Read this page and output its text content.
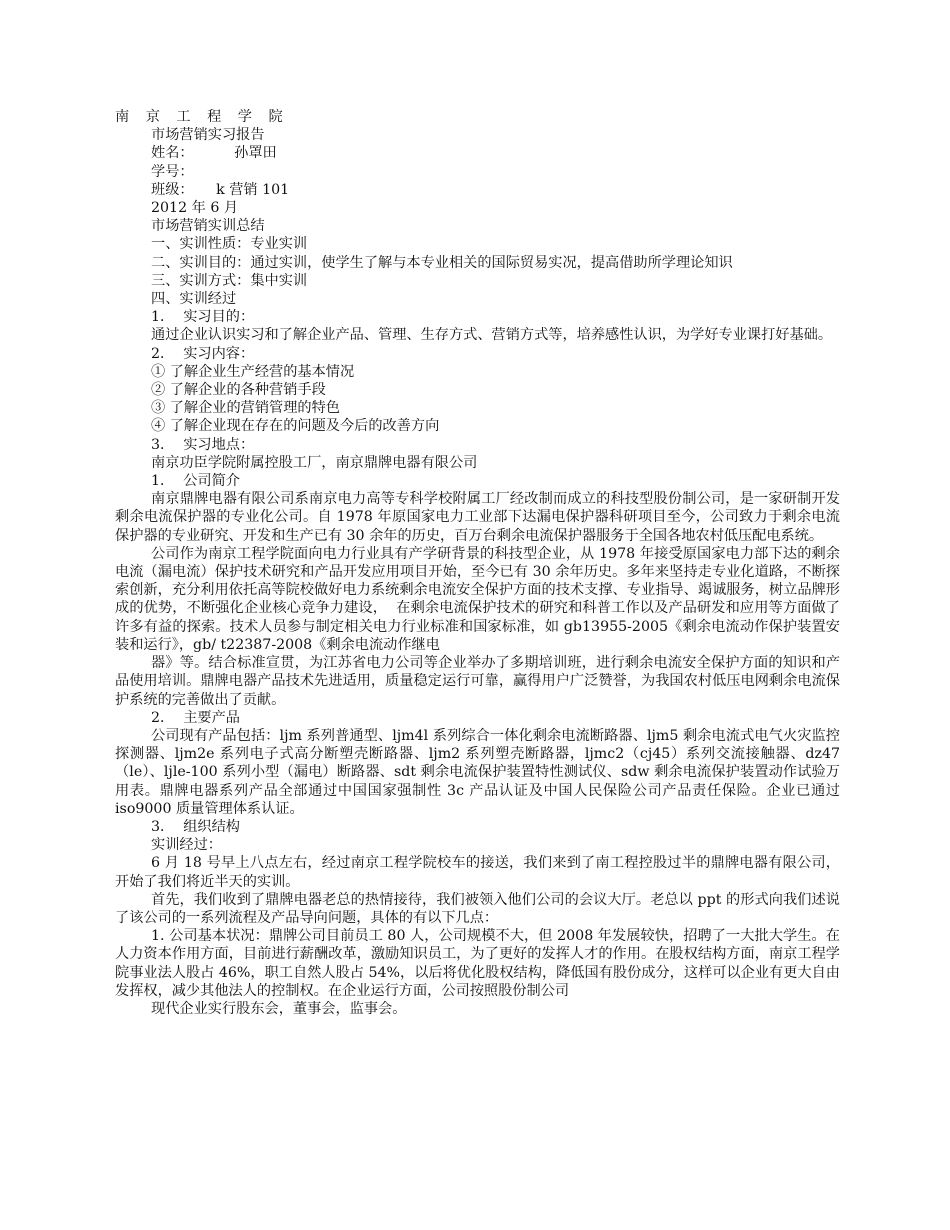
南 京 工 程 学 院
市场营销实习报告
姓名：         孙罩田
学号：
班级：     k 营销 101
2012 年 6 月
市场营销实训总结
一、实训性质：专业实训
二、实训目的：通过实训，使学生了解与本专业相关的国际贸易实况，提高借助所学理论知识
三、实训方式：集中实训
四、实训经过
1．  实习目的：
通过企业认识实习和了解企业产品、管理、生存方式、营销方式等，培养感性认识，为学好专业课打好基础。
2．  实习内容：
① 了解企业生产经营的基本情况
② 了解企业的各种营销手段
③ 了解企业的营销管理的特色
④ 了解企业现在存在的问题及今后的改善方向
3．  实习地点：
南京功臣学院附属控股工厂，南京鼎牌电器有限公司
1．  公司简介
南京鼎牌电器有限公司系南京电力高等专科学校附属工厂经改制而成立的科技型股份制公司，是一家研制开发剩余电流保护器的专业化公司。自 1978 年原国家电力工业部下达漏电保护器科研项目至今，公司致力于剩余电流保护器的专业研究、开发和生产已有 30 余年的历史，百万台剩余电流保护器服务于全国各地农村低压配电系统。
公司作为南京工程学院面向电力行业具有产学研背景的科技型企业，从 1978 年接受原国家电力部下达的剩余电流（漏电流）保护技术研究和产品开发应用项目开始，至今已有 30 余年历史。多年来坚持走专业化道路，不断探索创新，充分利用依托高等院校做好电力系统剩余电流安全保护方面的技术支撑、专业指导、竭诚服务，树立品牌形成的优势，不断强化企业核心竞争力建设，  在剩余电流保护技术的研究和科普工作以及产品研发和应用等方面做了许多有益的探索。技术人员参与制定相关电力行业标准和国家标准，如 gb13955-2005《剩余电流动作保护装置安装和运行》，gb/ t22387-2008《剩余电流动作继电
器》等。结合标准宣贯，为江苏省电力公司等企业举办了多期培训班，进行剩余电流安全保护方面的知识和产品使用培训。鼎牌电器产品技术先进适用，质量稳定运行可靠，赢得用户广泛赞誉，为我国农村低压电网剩余电流保护系统的完善做出了贡献。
2．  主要产品
公司现有产品包括：ljm 系列普通型、ljm4l 系列综合一体化剩余电流断路器、ljm5 剩余电流式电气火灾监控探测器、ljm2e 系列电子式高分断塑壳断路器、ljm2 系列塑壳断路器，ljmc2（cj45）系列交流接触器、dz47（le）、ljle-100 系列小型（漏电）断路器、sdt 剩余电流保护装置特性测试仪、sdw 剩余电流保护装置动作试验万用表。鼎牌电器系列产品全部通过中国国家强制性 3c 产品认证及中国人民保险公司产品责任保险。企业已通过 iso9000 质量管理体系认证。
3．  组织结构
实训经过：
6 月 18 号早上八点左右，经过南京工程学院校车的接送，我们来到了南工程控股过半的鼎牌电器有限公司，开始了我们将近半天的实训。
首先，我们收到了鼎牌电器老总的热情接待，我们被领入他们公司的会议大厅。老总以 ppt 的形式向我们述说了该公司的一系列流程及产品导向问题，具体的有以下几点：
1. 公司基本状况：鼎牌公司目前员工 80 人，公司规模不大，但 2008 年发展较快，招聘了一大批大学生。在人力资本作用方面，目前进行薪酬改革，激励知识员工，为了更好的发挥人才的作用。在股权结构方面，南京工程学院事业法人股占 46%，职工自然人股占 54%，以后将优化股权结构，降低国有股份成分，这样可以企业有更大自由发挥权，减少其他法人的控制权。在企业运行方面，公司按照股份制公司
现代企业实行股东会，董事会，监事会。
